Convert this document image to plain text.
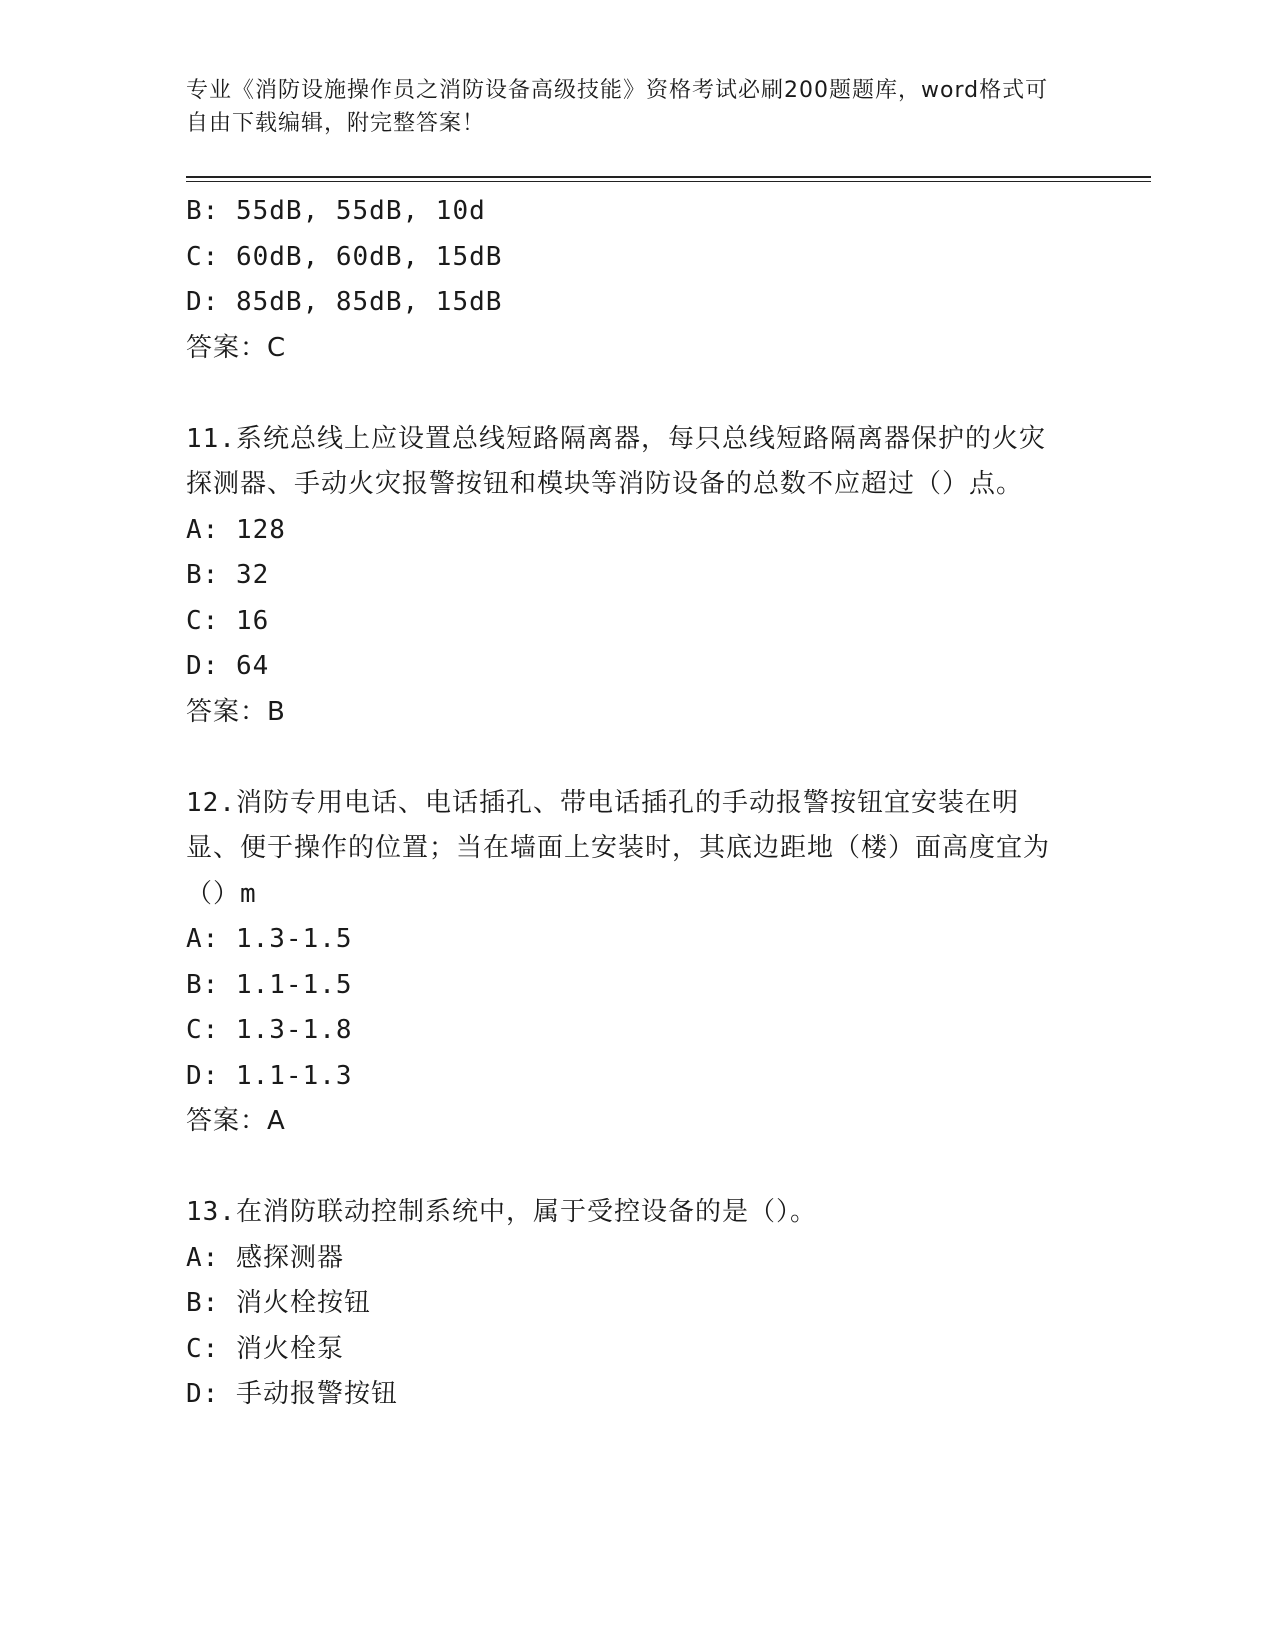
专业《消防设施操作员之消防设备高级技能》资格考试必刷200题题库，word格式可自由下载编辑，附完整答案！
B: 55dB, 55dB, 10d
C: 60dB, 60dB, 15dB
D: 85dB, 85dB, 15dB
答案：C
11.系统总线上应设置总线短路隔离器，每只总线短路隔离器保护的火灾探测器、手动火灾报警按钮和模块等消防设备的总数不应超过（）点。
A: 128
B: 32
C: 16
D: 64
答案：B
12.消防专用电话、电话插孔、带电话插孔的手动报警按钮宜安装在明显、便于操作的位置；当在墙面上安装时，其底边距地（楼）面高度宜为（）m
A: 1.3-1.5
B: 1.1-1.5
C: 1.3-1.8
D: 1.1-1.3
答案：A
13.在消防联动控制系统中，属于受控设备的是（）。
A: 感探测器
B: 消火栓按钮
C: 消火栓泵
D: 手动报警按钮
